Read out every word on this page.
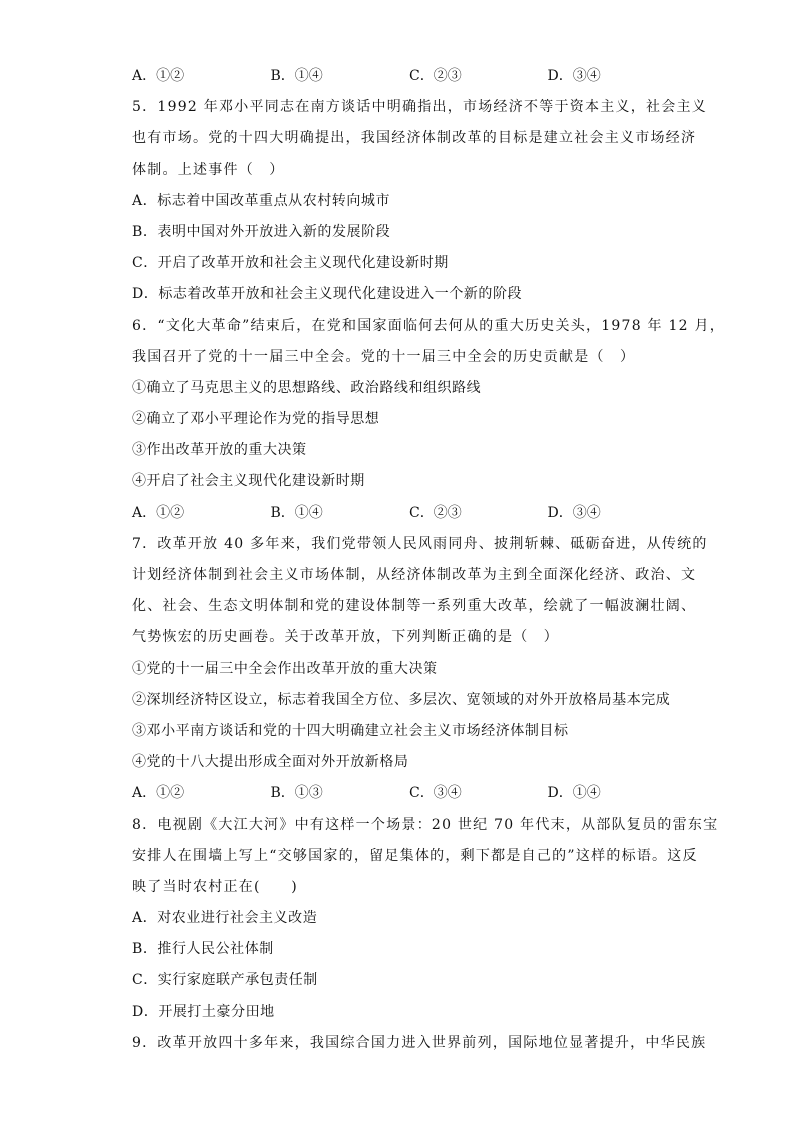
A．①②	B．①④	C．②③	D．③④
5．1992 年邓小平同志在南方谈话中明确指出，市场经济不等于资本主义，社会主义
也有市场。党的十四大明确提出，我国经济体制改革的目标是建立社会主义市场经济
体制。上述事件（　）
A．标志着中国改革重点从农村转向城市
B．表明中国对外开放进入新的发展阶段
C．开启了改革开放和社会主义现代化建设新时期
D．标志着改革开放和社会主义现代化建设进入一个新的阶段
6．“文化大革命”结束后，在党和国家面临何去何从的重大历史关头，1978 年 12 月，
我国召开了党的十一届三中全会。党的十一届三中全会的历史贡献是（　）
①确立了马克思主义的思想路线、政治路线和组织路线
②确立了邓小平理论作为党的指导思想
③作出改革开放的重大决策
④开启了社会主义现代化建设新时期
A．①②	B．①④	C．②③	D．③④
7．改革开放 40 多年来，我们党带领人民风雨同舟、披荆斩棘、砥砺奋进，从传统的
计划经济体制到社会主义市场体制，从经济体制改革为主到全面深化经济、政治、文
化、社会、生态文明体制和党的建设体制等一系列重大改革，绘就了一幅波澜壮阔、
气势恢宏的历史画卷。关于改革开放，下列判断正确的是（　）
①党的十一届三中全会作出改革开放的重大决策
②深圳经济特区设立，标志着我国全方位、多层次、宽领域的对外开放格局基本完成
③邓小平南方谈话和党的十四大明确建立社会主义市场经济体制目标
④党的十八大提出形成全面对外开放新格局
A．①②	B．①③	C．③④	D．①④
8．电视剧《大江大河》中有这样一个场景：20 世纪 70 年代末，从部队复员的雷东宝
安排人在围墙上写上“交够国家的，留足集体的，剩下都是自己的”这样的标语。这反
映了当时农村正在(　　)
A．对农业进行社会主义改造
B．推行人民公社体制
C．实行家庭联产承包责任制
D．开展打土豪分田地
9．改革开放四十多年来，我国综合国力进入世界前列，国际地位显著提升，中华民族
